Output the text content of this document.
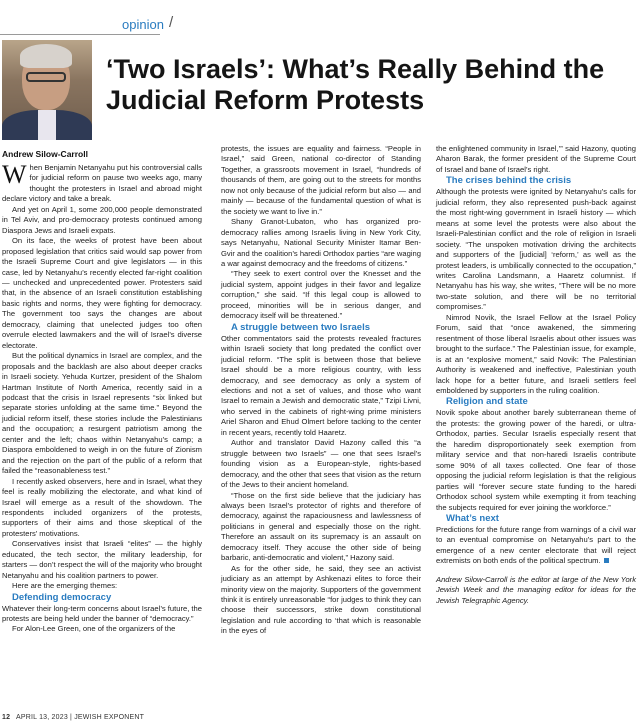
opinion /
‘Two Israels’: What’s Really Behind the Judicial Reform Protests
Andrew Silow-Carroll

When Benjamin Netanyahu put his controversial calls for judicial reform on pause two weeks ago, many thought the protesters in Israel and abroad might declare victory and take a break.

And yet on April 1, some 200,000 people demonstrated in Tel Aviv, and pro-democracy protests continued among Diaspora Jews and Israeli expats.

On its face, the weeks of protest have been about proposed legislation that critics said would sap power from the Israeli Supreme Court and give legislators — in this case, led by Netanyahu’s recently elected far-right coalition — unchecked and unprecedented power. Protesters said that, in the absence of an Israeli constitution establishing basic rights and norms, they were fighting for democracy. The government too says the changes are about democracy, claiming that unelected judges too often overrule elected lawmakers and the will of Israel’s diverse electorate.

But the political dynamics in Israel are complex, and the proposals and the backlash are also about deeper cracks in Israeli society. Yehuda Kurtzer, president of the Shalom Hartman Institute of North America, recently said in a podcast that the crisis in Israel represents “six linked but separate stories unfolding at the same time.” Beyond the judicial reform itself, these stories include the Palestinians and the occupation; a resurgent patriotism among the center and the left; chaos within Netanyahu’s camp; a Diaspora emboldened to weigh in on the future of Zionism and the rejection on the part of the public of a reform that failed the “reasonableness test.”

I recently asked observers, here and in Israel, what they feel is really mobilizing the electorate, and what kind of Israel will emerge as a result of the showdown. The respondents included organizers of the protests, supporters of their aims and those skeptical of the protesters’ motivations.

Conservatives insist that Israeli “elites” — the highly educated, the tech sector, the military leadership, for starters — don’t respect the will of the majority who brought Netanyahu and his coalition partners to power.

Here are the emerging themes:

Defending democracy

Whatever their long-term concerns about Israel’s future, the protests are being held under the banner of “democracy.”

For Alon-Lee Green, one of the organizers of the

protests, the issues are equality and fairness. “People in Israel,” said Green, national co-director of Standing Together, a grassroots movement in Israel, “hundreds of thousands of them, are going out to the streets for months now not only because of the judicial reform but also — and mainly — because of the fundamental question of what is the society we want to live in.”

Shany Granot-Lubaton, who has organized pro-democracy rallies among Israelis living in New York City, says Netanyahu, National Security Minister Itamar Ben-Gvir and the coalition’s haredi Orthodox parties “are waging a war against democracy and the freedoms of citizens.”

“They seek to exert control over the Knesset and the judicial system, appoint judges in their favor and legalize corruption,” she said. “If this legal coup is allowed to proceed, minorities will be in serious danger, and democracy itself will be threatened.”

A struggle between two Israels

Other commentators said the protests revealed fractures within Israeli society that long predated the conflict over judicial reform. “The split is between those that believe Israel should be a more religious country, with less democracy, and see democracy as only a system of elections and not a set of values, and those who want Israel to remain a Jewish and democratic state,” Tzipi Livni, who served in the cabinets of right-wing prime ministers Ariel Sharon and Ehud Olmert before tacking to the center in recent years, recently told Haaretz.

Author and translator David Hazony called this “a struggle between two Israels” — one that sees Israel’s founding vision as a European-style, rights-based democracy, and the other that sees that vision as the return of the Jews to their ancient homeland.

“Those on the first side believe that the judiciary has always been Israel’s protector of rights and therefore of democracy, against the rapaciousness and lawlessness of politicians in general and especially those on the right. Therefore an assault on its supremacy is an assault on democracy itself. They accuse the other side of being barbaric, anti-democratic and violent,” Hazony said.

As for the other side, he said, they see an activist judiciary as an attempt by Ashkenazi elites to force their minority view on the majority. Supporters of the government think it is entirely unreasonable “for judges to think they can choose their successors, strike down constitutional legislation and rule according to ‘that which is reasonable in the eyes of

the enlightened community in Israel,’” said Hazony, quoting Aharon Barak, the former president of the Supreme Court of Israel and bane of Israel’s right.

The crises behind the crisis

Although the protests were ignited by Netanyahu’s calls for judicial reform, they also represented push-back against the most right-wing government in Israeli history — which means at some level the protests were also about the Israeli-Palestinian conflict and the role of religion in Israeli society. “The unspoken motivation driving the architects and supporters of the [judicial] ‘reform,’ as well as the protest leaders, is umbilically connected to the occupation,” writes Carolina Landsmann, a Haaretz columnist. If Netanyahu has his way, she writes, “There will be no more two-state solution, and there will be no territorial compromises.”

Nimrod Novik, the Israel Fellow at the Israel Policy Forum, said that “once awakened, the simmering resentment of those liberal Israelis about other issues was brought to the surface.” The Palestinian issue, for example, is at an “explosive moment,” said Novik: The Palestinian Authority is weakened and ineffective, Palestinian youth lack hope for a better future, and Israeli settlers feel emboldened by supporters in the ruling coalition.

Religion and state

Novik spoke about another barely subterranean theme of the protests: the growing power of the haredi, or ultra-Orthodox, parties. Secular Israelis especially resent that the haredim disproportionately seek exemption from military service and that non-haredi Israelis contribute some 90% of all taxes collected. One fear of those opposing the judicial reform legislation is that the religious parties will “forever secure state funding to the haredi Orthodox school system while exempting it from teaching the subjects required for ever joining the workforce.”

What’s next

Predictions for the future range from warnings of a civil war to an eventual compromise on Netanyahu’s part to the emergence of a new center electorate that will reject extremists on both ends of the political spectrum.

Andrew Silow-Carroll is the editor at large of the New York Jewish Week and the managing editor for ideas for the Jewish Telegraphic Agency.

12 APRIL 13, 2023 | JEWISH EXPONENT
